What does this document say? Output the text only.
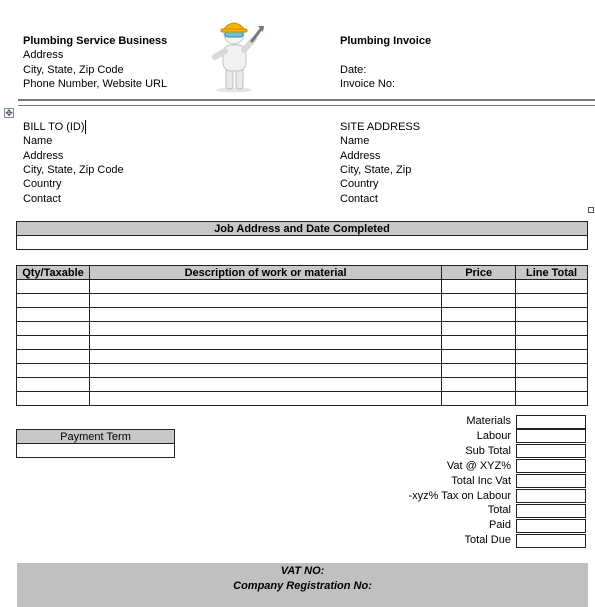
Plumbing Service Business
Address
City, State, Zip Code
Phone Number, Website URL
Plumbing Invoice
Date:
Invoice No:
✥
BILL TO (ID)
Name
Address
City, State, Zip Code
Country
Contact
SITE ADDRESS
Name
Address
City, State, Zip
Country
Contact
Job Address and Date Completed

Qty/Taxable	Description of work or material	Price	Line Total

Payment Term

Materials
Labour
Sub Total
Vat @ XYZ%
Total Inc Vat
-xyz% Tax on Labour
Total
Paid
Total Due
VAT NO:
Company Registration No:
